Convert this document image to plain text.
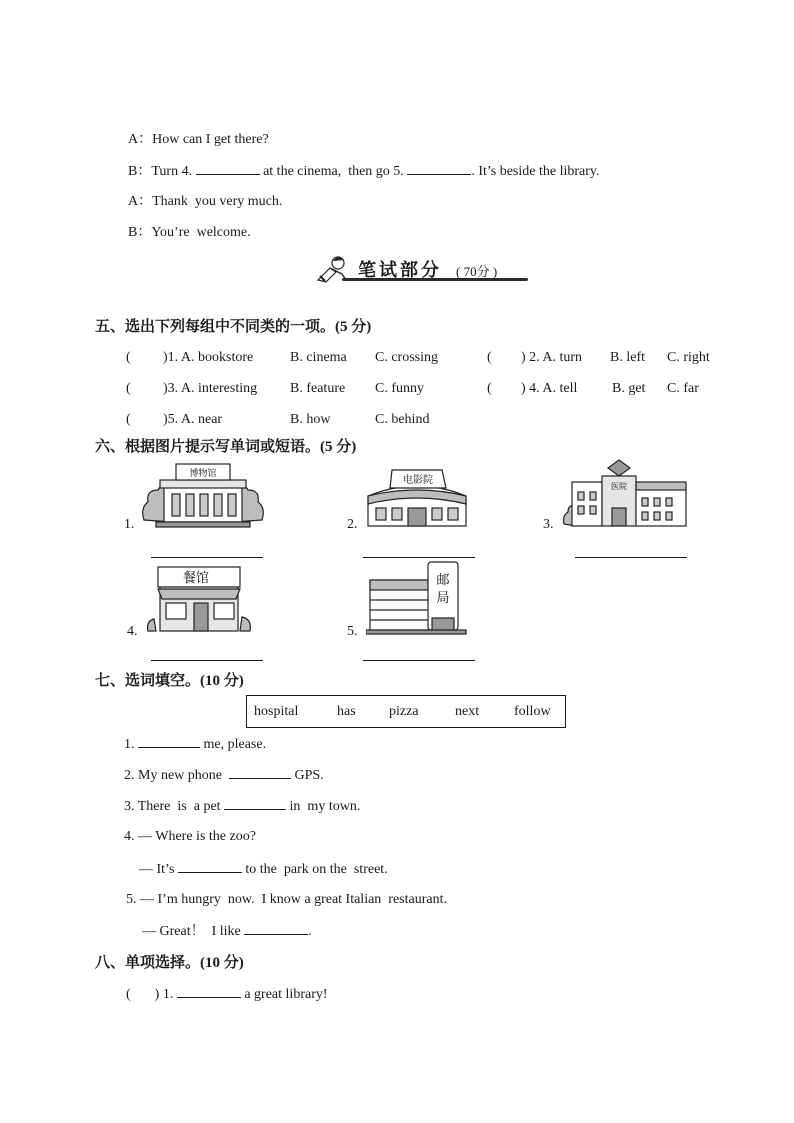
A：How can I get there?
B：Turn 4.	at the cinema,  then go 5.	. It’s beside the library.
A：Thank  you very much.
B：You’re  welcome.
笔试部分 ( 70分 )
五、选出下列每组中不同类的一项。(5 分)
( )1. A. bookstore	B. cinema C. crossing	( ) 2. A. turn B. left C. right
( )3. A. interesting B. feature C. funny	( ) 4. A. tell B. get C. far
( )5. A. near	B. how	C. behind
六、根据图片提示写单词或短语。(5 分)
1.
博物馆
2.
电影院
3.
医院
4.
餐馆
5.
邮
局
七、选词填空。(10 分)
hospital	has pizza	next follow
1.	me, please.
2. My new phone	GPS.
3. There  is  a pet	in  my town.
4. — Where is the zoo?
— It’s	to the  park on the  street.
5. — I’m hungry  now.  I know a great Italian  restaurant.
— Great！  I like	.
八、单项选择。(10 分)
( ) 1.	a great library!
